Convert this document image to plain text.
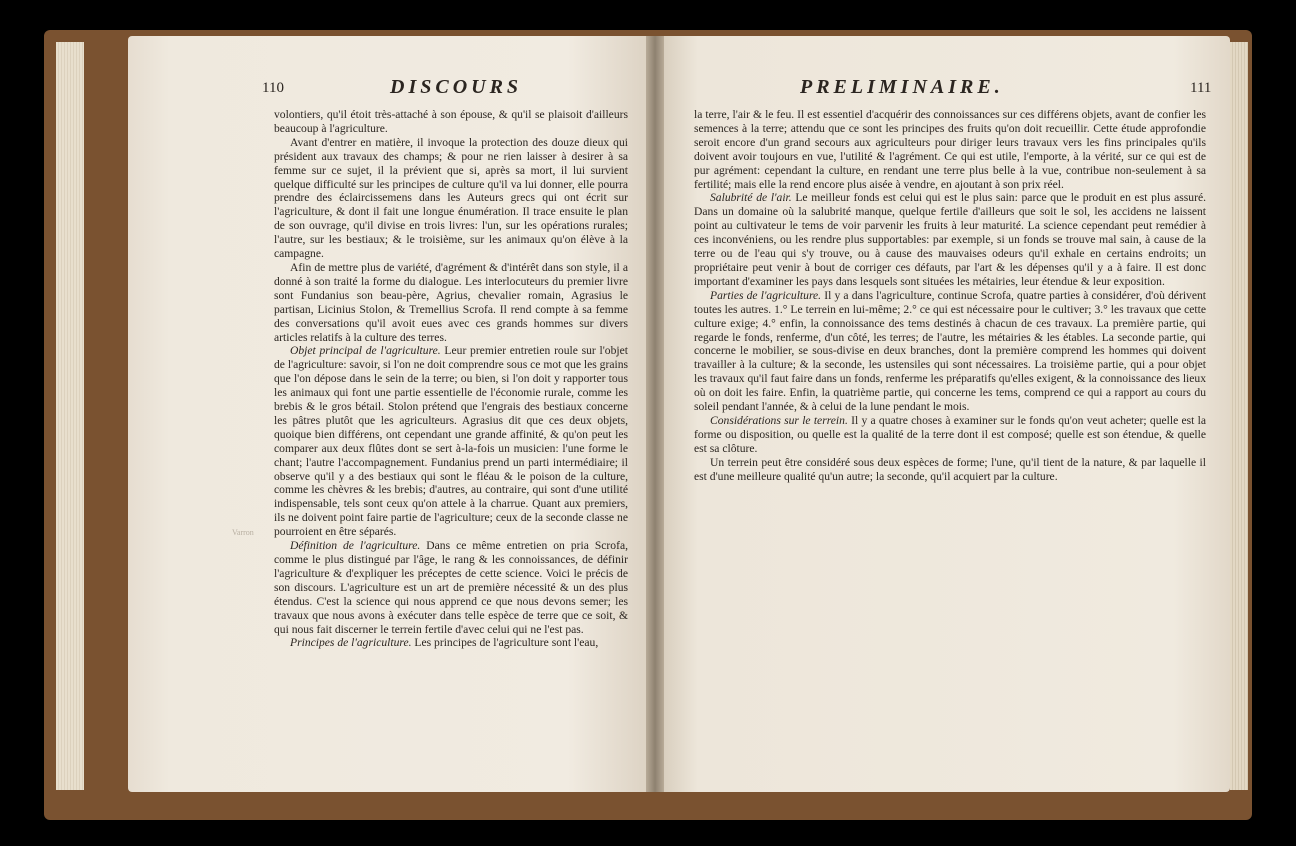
110	DISCOURS
Varron

volontiers, qu'il étoit très-attaché à son épouse, & qu'il se plaisoit d'ailleurs beaucoup à l'agriculture.

Avant d'entrer en matière, il invoque la protection des douze dieux qui président aux travaux des champs; & pour ne rien laisser à desirer à sa femme sur ce sujet, il la prévient que si, après sa mort, il lui survient quelque difficulté sur les principes de culture qu'il va lui donner, elle pourra prendre des éclaircissemens dans les Auteurs grecs qui ont écrit sur l'agriculture, & dont il fait une longue énumération. Il trace ensuite le plan de son ouvrage, qu'il divise en trois livres: l'un, sur les opérations rurales; l'autre, sur les bestiaux; & le troisième, sur les animaux qu'on élève à la campagne.

Afin de mettre plus de variété, d'agrément & d'intérêt dans son style, il a donné à son traité la forme du dialogue. Les interlocuteurs du premier livre sont Fundanius son beau-père, Agrius, chevalier romain, Agrasius le partisan, Licinius Stolon, & Tremellius Scrofa. Il rend compte à sa femme des conversations qu'il avoit eues avec ces grands hommes sur divers articles relatifs à la culture des terres.

Objet principal de l'agriculture. Leur premier entretien roule sur l'objet de l'agriculture: savoir, si l'on ne doit comprendre sous ce mot que les grains que l'on dépose dans le sein de la terre; ou bien, si l'on doit y rapporter tous les animaux qui font une partie essentielle de l'économie rurale, comme les brebis & le gros bétail. Stolon prétend que l'engrais des bestiaux concerne les pâtres plutôt que les agriculteurs. Agrasius dit que ces deux objets, quoique bien différens, ont cependant une grande affinité, & qu'on peut les comparer aux deux flûtes dont se sert à-la-fois un musicien: l'une forme le chant; l'autre l'accompagnement. Fundanius prend un parti intermédiaire; il observe qu'il y a des bestiaux qui sont le fléau & le poison de la culture, comme les chèvres & les brebis; d'autres, au contraire, qui sont d'une utilité indispensable, tels sont ceux qu'on attele à la charrue. Quant aux premiers, ils ne doivent point faire partie de l'agriculture; ceux de la seconde classe ne pourroient en être séparés.

Définition de l'agriculture. Dans ce même entretien on pria Scrofa, comme le plus distingué par l'âge, le rang & les connoissances, de définir l'agriculture & d'expliquer les préceptes de cette science. Voici le précis de son discours. L'agriculture est un art de première nécessité & un des plus étendus. C'est la science qui nous apprend ce que nous devons semer; les travaux que nous avons à exécuter dans telle espèce de terre que ce soit, & qui nous fait discerner le terrein fertile d'avec celui qui ne l'est pas.

Principes de l'agriculture. Les principes de l'agriculture sont l'eau,

PRELIMINAIRE.	111

la terre, l'air & le feu. Il est essentiel d'acquérir des connoissances sur ces différens objets, avant de confier les semences à la terre; attendu que ce sont les principes des fruits qu'on doit recueillir. Cette étude approfondie seroit encore d'un grand secours aux agriculteurs pour diriger leurs travaux vers les fins principales qu'ils doivent avoir toujours en vue, l'utilité & l'agrément. Ce qui est utile, l'emporte, à la vérité, sur ce qui est de pur agrément: cependant la culture, en rendant une terre plus belle à la vue, contribue non-seulement à sa fertilité; mais elle la rend encore plus aisée à vendre, en ajoutant à son prix réel.

Salubrité de l'air. Le meilleur fonds est celui qui est le plus sain: parce que le produit en est plus assuré. Dans un domaine où la salubrité manque, quelque fertile d'ailleurs que soit le sol, les accidens ne laissent point au cultivateur le tems de voir parvenir les fruits à leur maturité. La science cependant peut remédier à ces inconvéniens, ou les rendre plus supportables: par exemple, si un fonds se trouve mal sain, à cause de la terre ou de l'eau qui s'y trouve, ou à cause des mauvaises odeurs qu'il exhale en certains endroits; un propriétaire peut venir à bout de corriger ces défauts, par l'art & les dépenses qu'il y a à faire. Il est donc important d'examiner les pays dans lesquels sont situées les métairies, leur étendue & leur exposition.

Parties de l'agriculture. Il y a dans l'agriculture, continue Scrofa, quatre parties à considérer, d'où dérivent toutes les autres. 1.° Le terrein en lui-même; 2.° ce qui est nécessaire pour le cultiver; 3.° les travaux que cette culture exige; 4.° enfin, la connoissance des tems destinés à chacun de ces travaux. La première partie, qui regarde le fonds, renferme, d'un côté, les terres; de l'autre, les métairies & les étables. La seconde partie, qui concerne le mobilier, se sous-divise en deux branches, dont la première comprend les hommes qui doivent travailler à la culture; & la seconde, les ustensiles qui sont nécessaires. La troisième partie, qui a pour objet les travaux qu'il faut faire dans un fonds, renferme les préparatifs qu'elles exigent, & la connoissance des lieux où on doit les faire. Enfin, la quatrième partie, qui concerne les tems, comprend ce qui a rapport au cours du soleil pendant l'année, & à celui de la lune pendant le mois.

Considérations sur le terrein. Il y a quatre choses à examiner sur le fonds qu'on veut acheter; quelle est la forme ou disposition, ou quelle est la qualité de la terre dont il est composé; quelle est son étendue, & quelle est sa clôture.

Un terrein peut être considéré sous deux espèces de forme; l'une, qu'il tient de la nature, & par laquelle il est d'une meilleure qualité qu'un autre; la seconde, qu'il acquiert par la culture.
